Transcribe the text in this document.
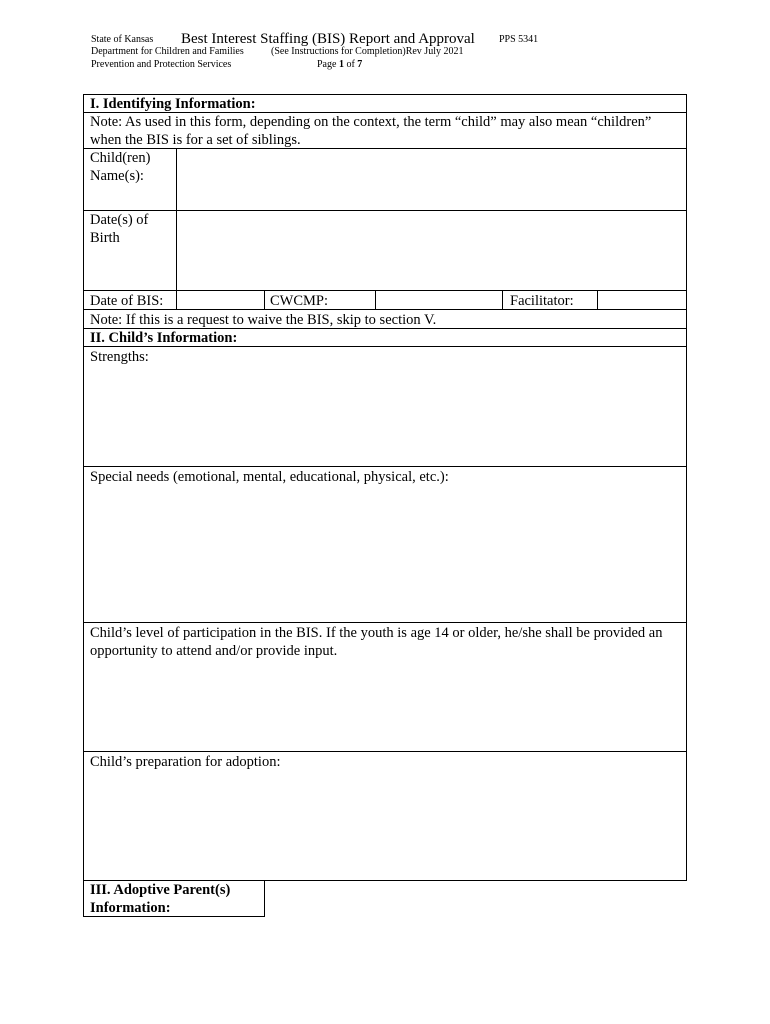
State of Kansas Best Interest Staffing (BIS) Report and Approval PPS 5341
Department for Children and Families	(See Instructions for Completion)Rev July 2021
Prevention and Protection Services	Page 1 of 7
I. Identifying Information:
Note: As used in this form, depending on the context, the term “child” may also mean “children” when the BIS is for a set of siblings.
Child(ren) Name(s):
Date(s) of Birth
Date of BIS:	CWCMP:	Facilitator:
Note: If this is a request to waive the BIS, skip to section V.
II. Child’s Information:
Strengths:
Special needs (emotional, mental, educational, physical, etc.):
Child’s level of participation in the BIS. If the youth is age 14 or older, he/she shall be provided an opportunity to attend and/or provide input.
Child’s preparation for adoption:
III. Adoptive Parent(s) Information:
